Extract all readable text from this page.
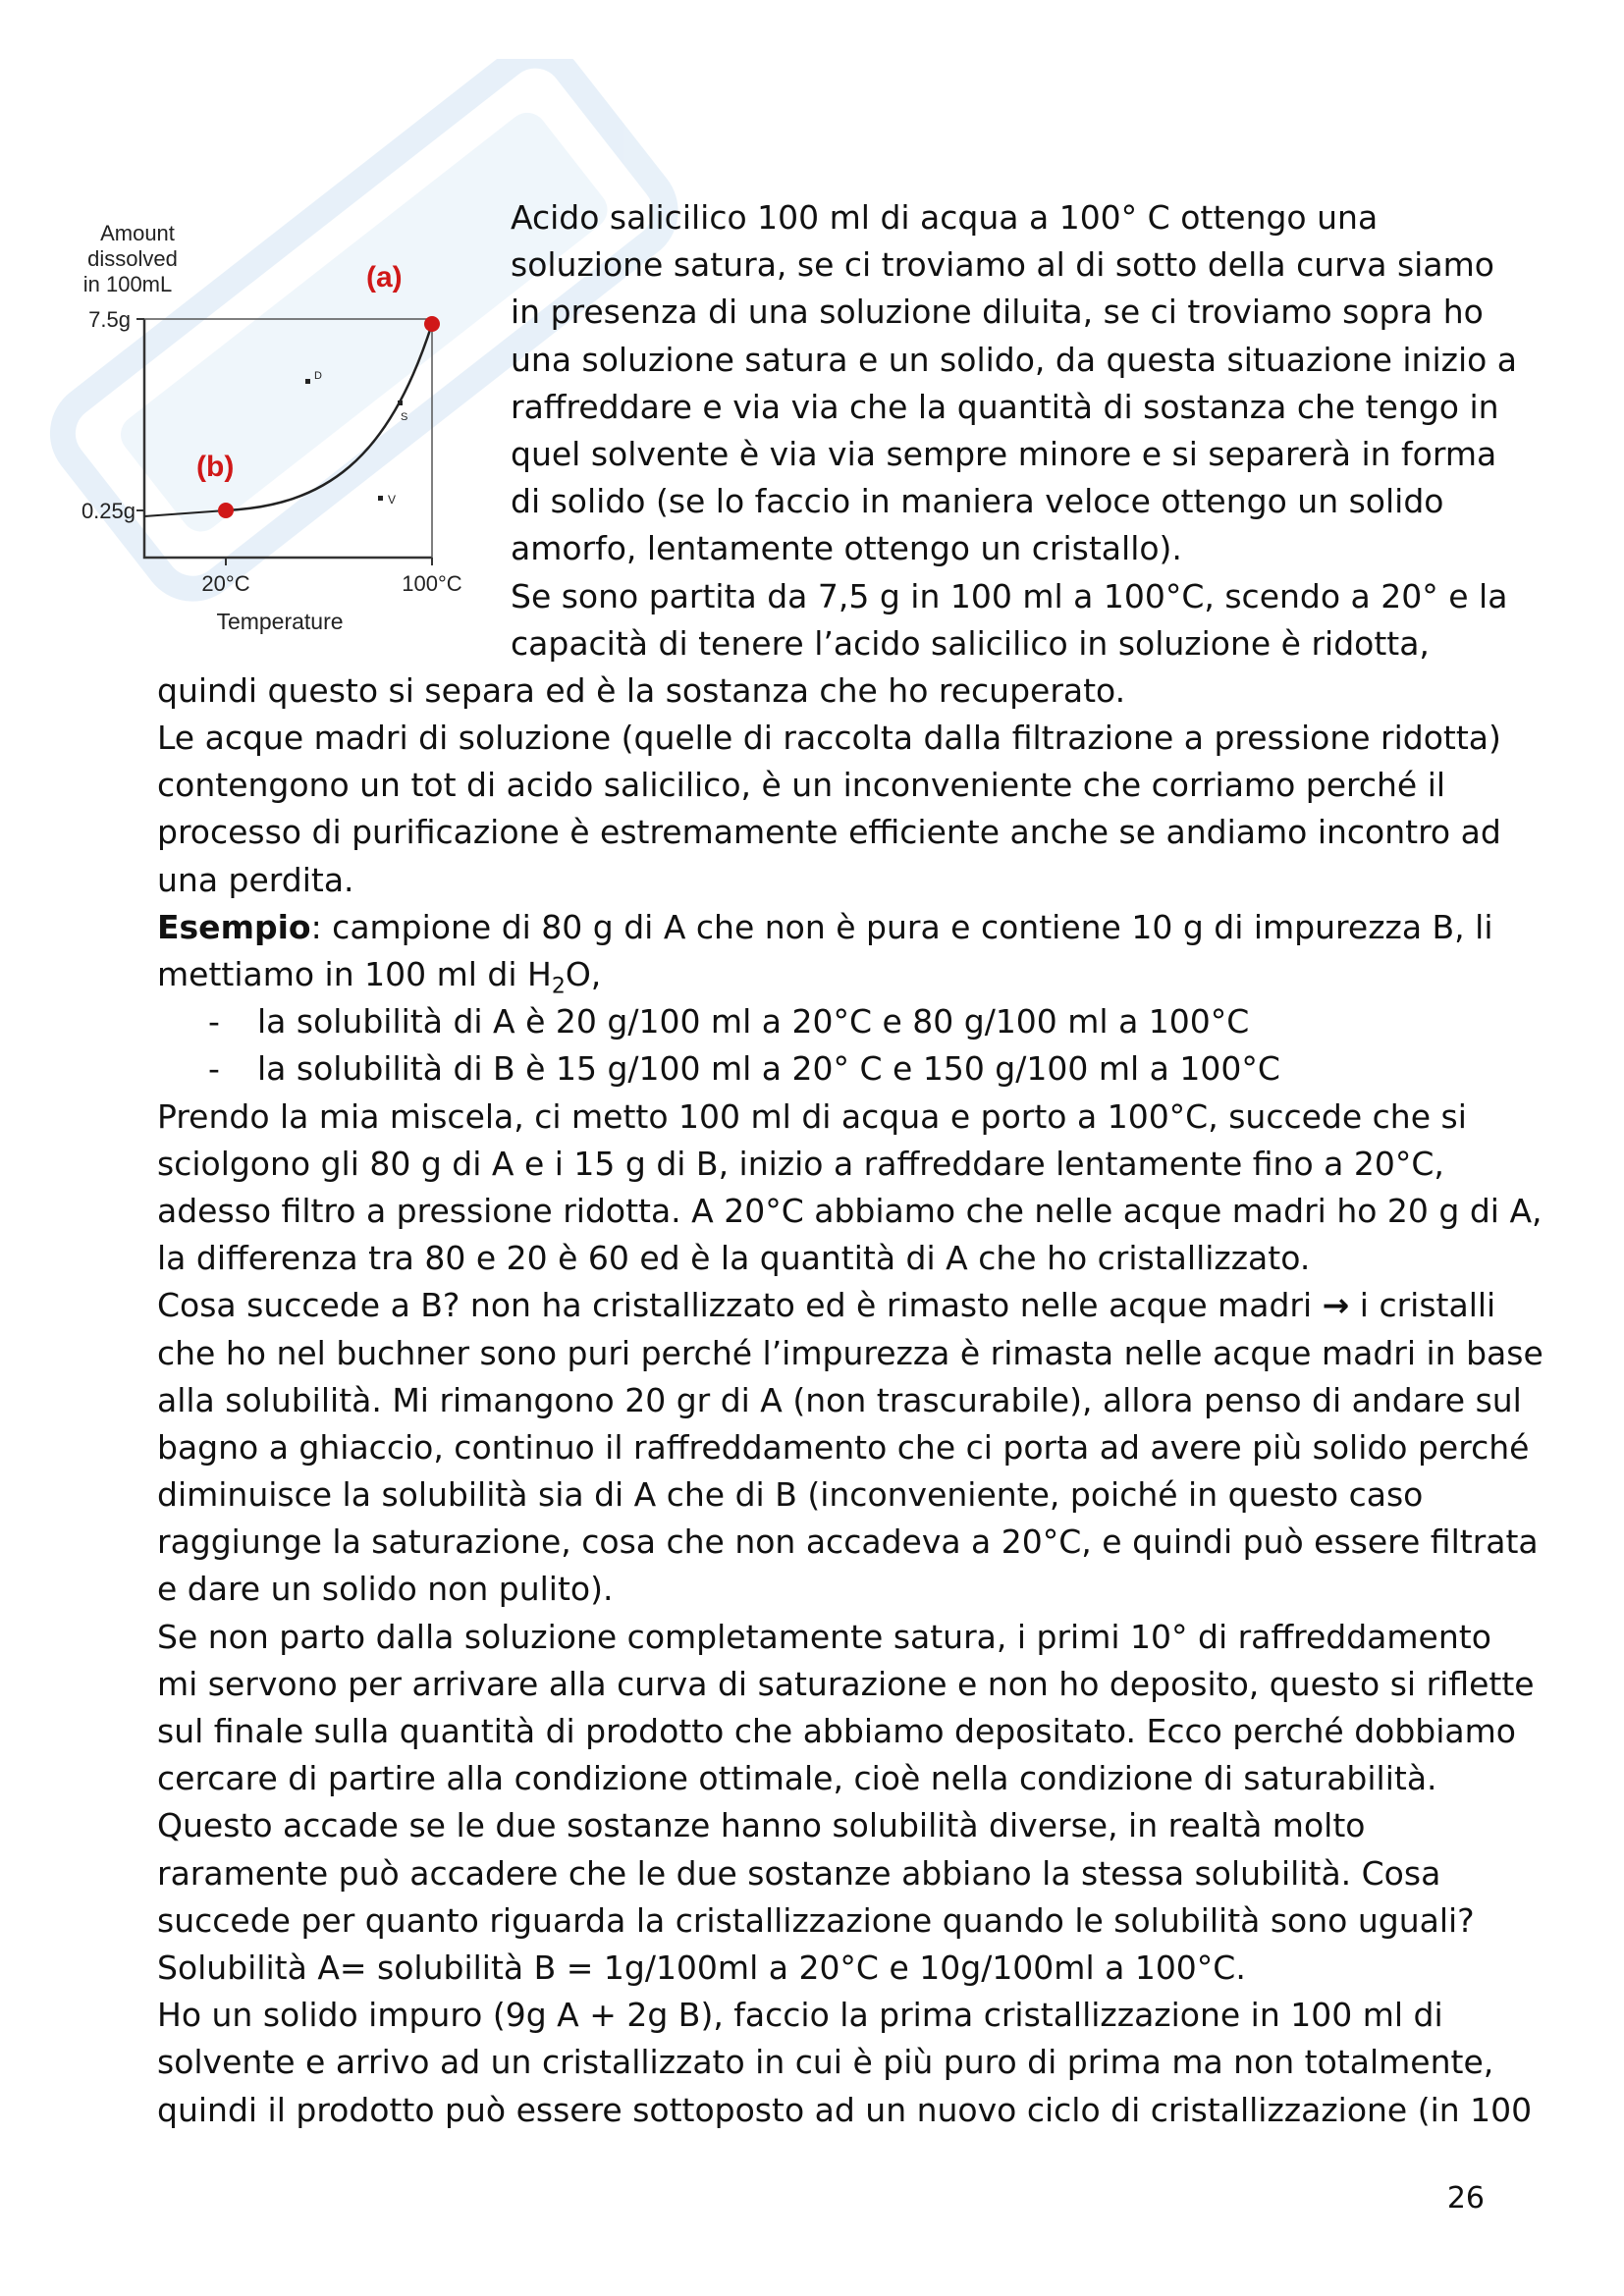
Amount
dissolved
in 100mL
7.5g
0.25g
D
S
V
(a)
(b)
20°C	100°C
Temperature
Acido salicilico 100 ml di acqua a 100° C ottengo una
soluzione satura, se ci troviamo al di sotto della curva siamo
in presenza di una soluzione diluita, se ci troviamo sopra ho
una soluzione satura e un solido, da questa situazione inizio a
raffreddare e via via che la quantità di sostanza che tengo in
quel solvente è via via sempre minore e si separerà in forma
di solido (se lo faccio in maniera veloce ottengo un solido
amorfo, lentamente ottengo un cristallo).
Se sono partita da 7,5 g in 100 ml a 100°C, scendo a 20° e la
capacità di tenere l’acido salicilico in soluzione è ridotta,
quindi questo si separa ed è la sostanza che ho recuperato.
Le acque madri di soluzione (quelle di raccolta dalla filtrazione a pressione ridotta)
contengono un tot di acido salicilico, è un inconveniente che corriamo perché il
processo di purificazione è estremamente efficiente anche se andiamo incontro ad
una perdita.
Esempio: campione di 80 g di A che non è pura e contiene 10 g di impurezza B, li
mettiamo in 100 ml di $H_2O$,
- la solubilità di A è 20 g/100 ml a 20°C e 80 g/100 ml a 100°C
- la solubilità di B è 15 g/100 ml a 20° C e 150 g/100 ml a 100°C
Prendo la mia miscela, ci metto 100 ml di acqua e porto a 100°C, succede che si
sciolgono gli 80 g di A e i 15 g di B, inizio a raffreddare lentamente fino a 20°C,
adesso filtro a pressione ridotta. A 20°C abbiamo che nelle acque madri ho 20 g di A,
la differenza tra 80 e 20 è 60 ed è la quantità di A che ho cristallizzato.
Cosa succede a B? non ha cristallizzato ed è rimasto nelle acque madri → i cristalli
che ho nel buchner sono puri perché l’impurezza è rimasta nelle acque madri in base
alla solubilità. Mi rimangono 20 gr di A (non trascurabile), allora penso di andare sul
bagno a ghiaccio, continuo il raffreddamento che ci porta ad avere più solido perché
diminuisce la solubilità sia di A che di B (inconveniente, poiché in questo caso
raggiunge la saturazione, cosa che non accadeva a 20°C, e quindi può essere filtrata
e dare un solido non pulito).
Se non parto dalla soluzione completamente satura, i primi 10° di raffreddamento
mi servono per arrivare alla curva di saturazione e non ho deposito, questo si riflette
sul finale sulla quantità di prodotto che abbiamo depositato. Ecco perché dobbiamo
cercare di partire alla condizione ottimale, cioè nella condizione di saturabilità.
Questo accade se le due sostanze hanno solubilità diverse, in realtà molto
raramente può accadere che le due sostanze abbiano la stessa solubilità. Cosa
succede per quanto riguarda la cristallizzazione quando le solubilità sono uguali?
Solubilità A= solubilità B = 1g/100ml a 20°C e 10g/100ml a 100°C.
Ho un solido impuro (9g A + 2g B), faccio la prima cristallizzazione in 100 ml di
solvente e arrivo ad un cristallizzato in cui è più puro di prima ma non totalmente,
quindi il prodotto può essere sottoposto ad un nuovo ciclo di cristallizzazione (in 100
26
